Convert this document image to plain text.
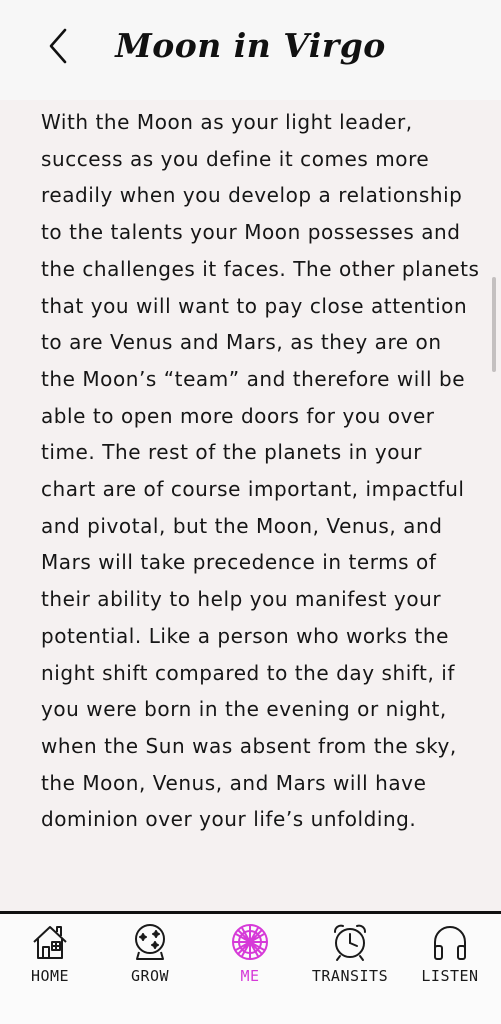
Moon in Virgo

With the Moon as your light leader, success as you define it comes more readily when you develop a relationship to the talents your Moon possesses and the challenges it faces. The other planets that you will want to pay close attention to are Venus and Mars, as they are on the Moon’s “team” and therefore will be able to open more doors for you over time. The rest of the planets in your chart are of course important, impactful and pivotal, but the Moon, Venus, and Mars will take precedence in terms of their ability to help you manifest your potential. Like a person who works the night shift compared to the day shift, if you were born in the evening or night, when the Sun was absent from the sky, the Moon, Venus, and Mars will have dominion over your life’s unfolding.

HOME	GROW	ME	TRANSITS	LISTEN
